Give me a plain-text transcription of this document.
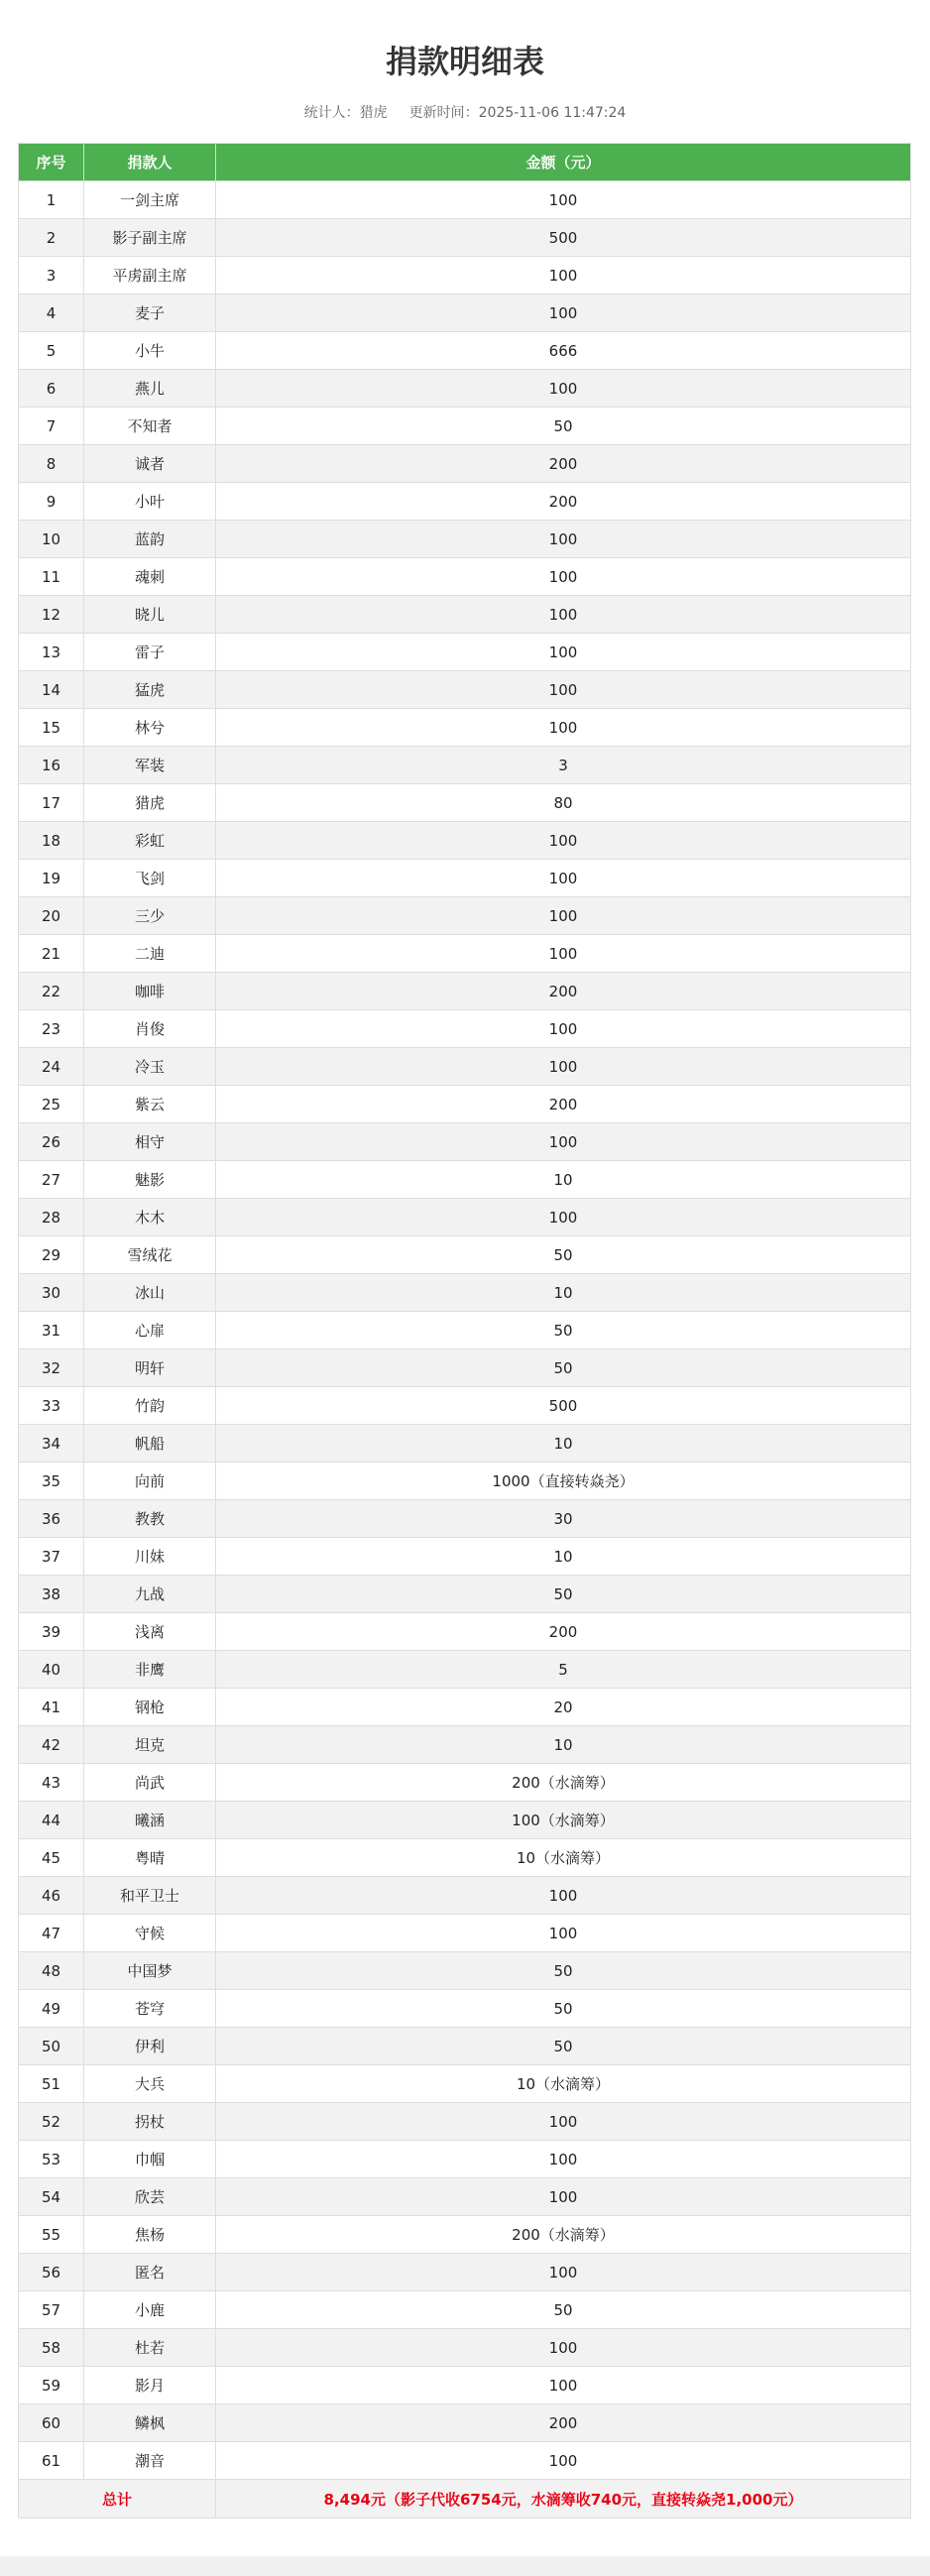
捐款明细表
统计人：猎虎 更新时间：2025-11-06 11:47:24
序号	捐款人	金额（元）
1	一剑主席	100
2	影子副主席	500
3	平虏副主席	100
4	麦子	100
5	小牛	666
6	燕儿	100
7	不知者	50
8	诚者	200
9	小叶	200
10	蓝韵	100
11	魂刺	100
12	晓儿	100
13	雷子	100
14	猛虎	100
15	林兮	100
16	军装	3
17	猎虎	80
18	彩虹	100
19	飞剑	100
20	三少	100
21	二迪	100
22	咖啡	200
23	肖俊	100
24	冷玉	100
25	紫云	200
26	相守	100
27	魅影	10
28	木木	100
29	雪绒花	50
30	冰山	10
31	心扉	50
32	明轩	50
33	竹韵	500
34	帆船	10
35	向前	1000（直接转焱尧）
36	教教	30
37	川妹	10
38	九战	50
39	浅离	200
40	非鹰	5
41	钢枪	20
42	坦克	10
43	尚武	200（水滴筹）
44	曦涵	100（水滴筹）
45	粤晴	10（水滴筹）
46	和平卫士	100
47	守候	100
48	中国梦	50
49	苍穹	50
50	伊利	50
51	大兵	10（水滴筹）
52	拐杖	100
53	巾帼	100
54	欣芸	100
55	焦杨	200（水滴筹）
56	匿名	100
57	小鹿	50
58	杜若	100
59	影月	100
60	鳞枫	200
61	潮音	100
总计		8,494元（影子代收6754元，水滴筹收740元，直接转焱尧1,000元）
